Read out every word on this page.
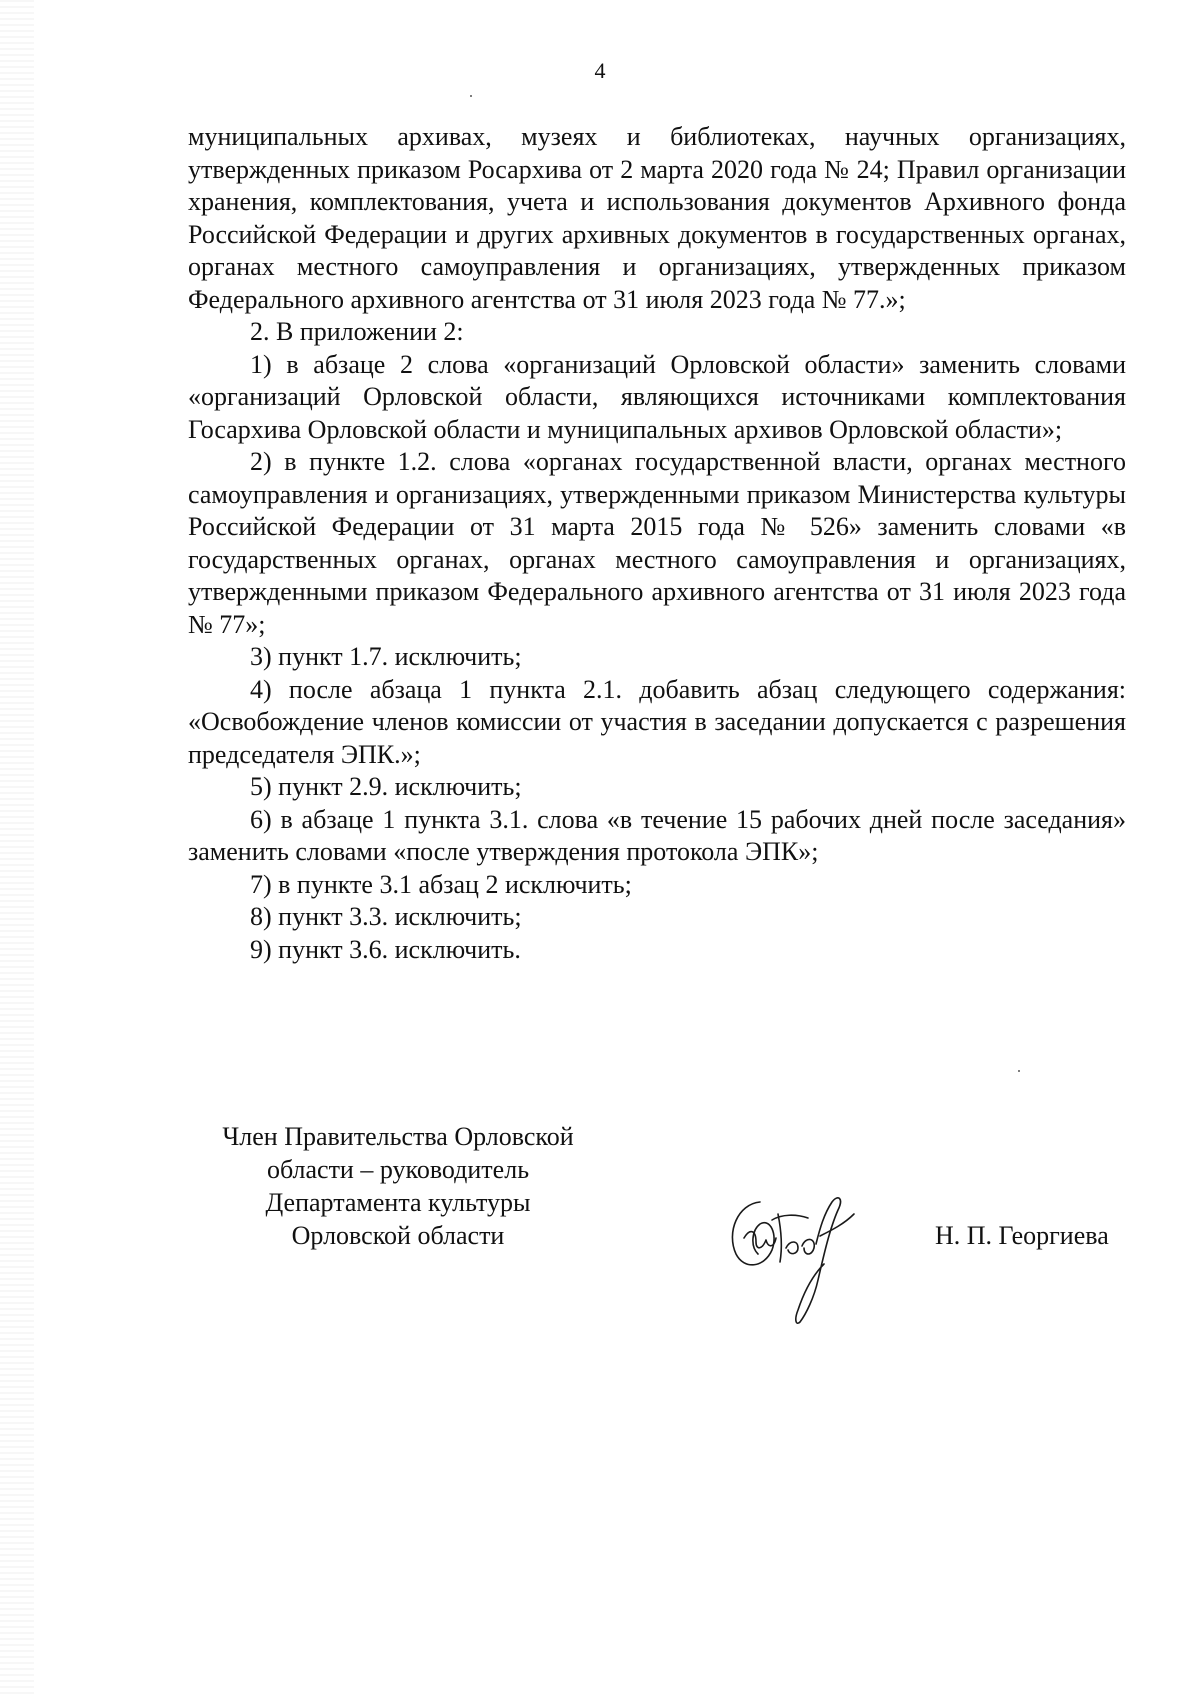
4

муниципальных архивах, музеях и библиотеках, научных организациях, утвержденных приказом Росархива от 2 марта 2020 года № 24; Правил организации хранения, комплектования, учета и использования документов Архивного фонда Российской Федерации и других архивных документов в государственных органах, органах местного самоуправления и организациях, утвержденных приказом Федерального архивного агентства от 31 июля 2023 года № 77.»;

2. В приложении 2:

1) в абзаце 2 слова «организаций Орловской области» заменить словами «организаций Орловской области, являющихся источниками комплектования Госархива Орловской области и муниципальных архивов Орловской области»;

2) в пункте 1.2. слова «органах государственной власти, органах местного самоуправления и организациях, утвержденными приказом Министерства культуры Российской Федерации от 31 марта 2015 года № 526» заменить словами «в государственных органах, органах местного самоуправления и организациях, утвержденными приказом Федерального архивного агентства от 31 июля 2023 года № 77»;

3) пункт 1.7. исключить;

4) после абзаца 1 пункта 2.1. добавить абзац следующего содержания: «Освобождение членов комиссии от участия в заседании допускается с разрешения председателя ЭПК.»;

5) пункт 2.9. исключить;

6) в абзаце 1 пункта 3.1. слова «в течение 15 рабочих дней после заседания» заменить словами «после утверждения протокола ЭПК»;

7) в пункте 3.1 абзац 2 исключить;

8) пункт 3.3. исключить;

9) пункт 3.6. исключить.

Член Правительства Орловской
области – руководитель
Департамента культуры
Орловской области	Н. П. Георгиева
